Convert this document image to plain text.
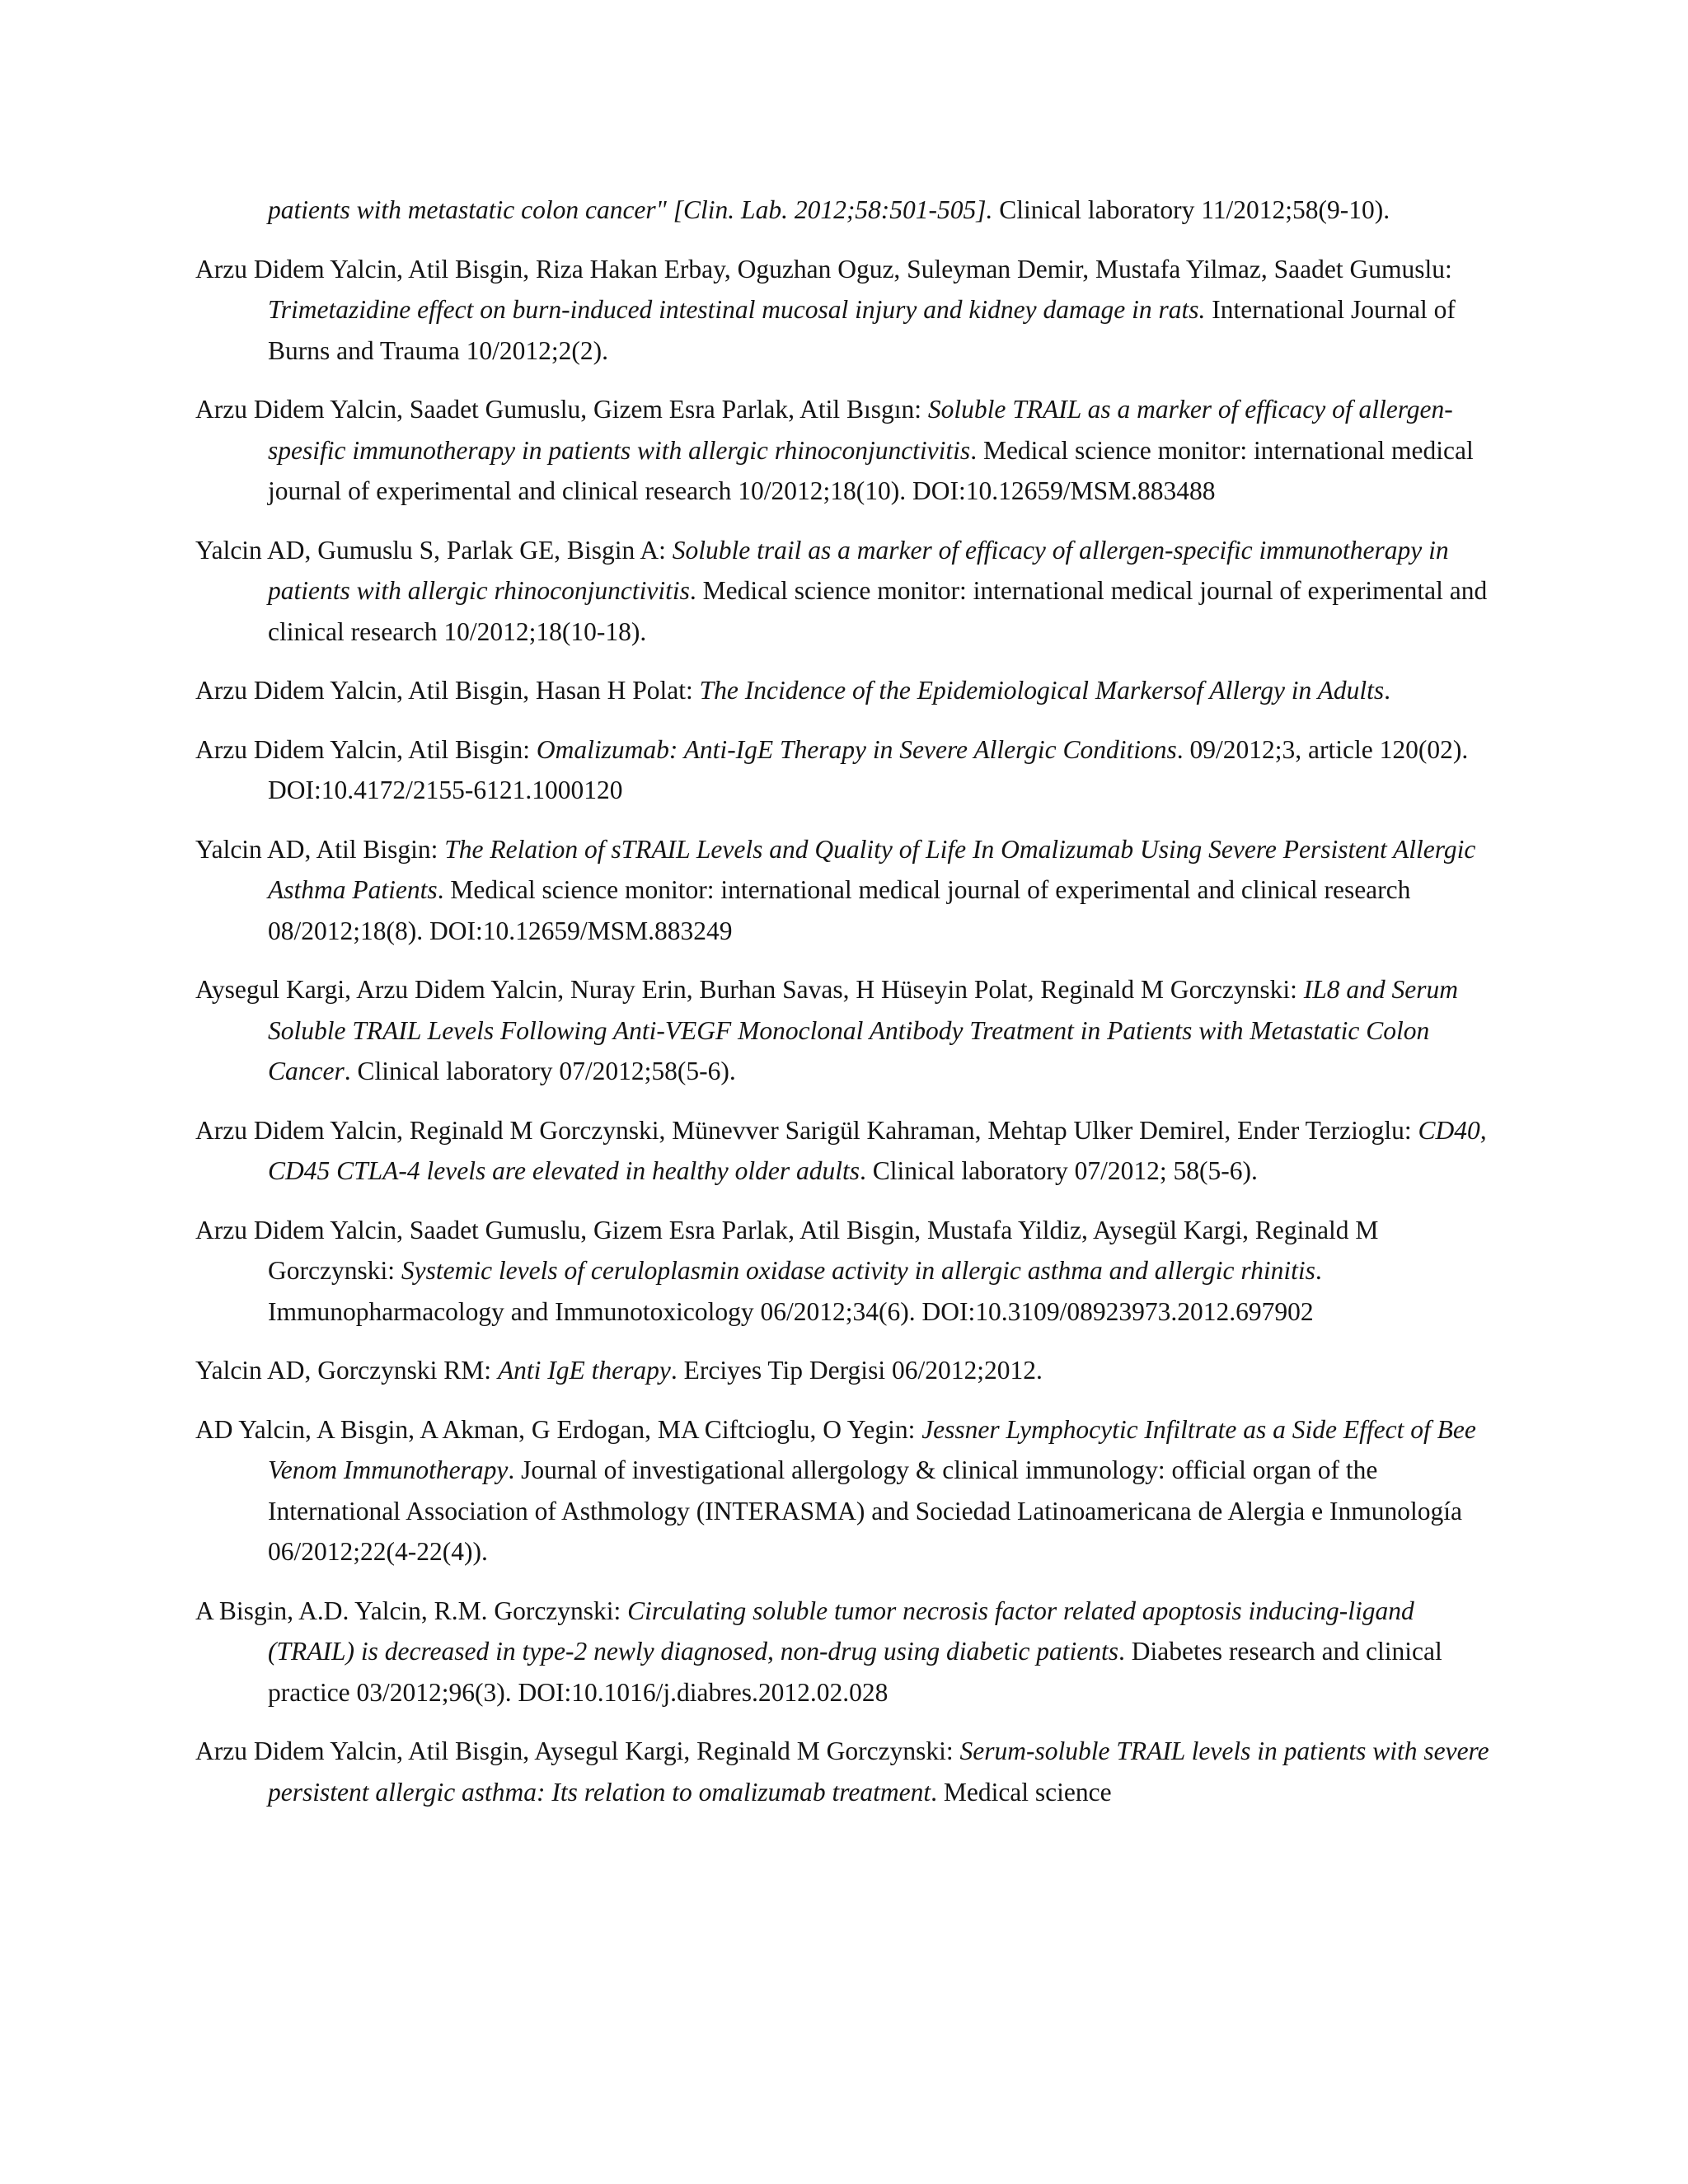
patients with metastatic colon cancer" [Clin. Lab. 2012;58:501-505]. Clinical laboratory 11/2012;58(9-10).

Arzu Didem Yalcin, Atil Bisgin, Riza Hakan Erbay, Oguzhan Oguz, Suleyman Demir, Mustafa Yilmaz, Saadet Gumuslu: Trimetazidine effect on burn-induced intestinal mucosal injury and kidney damage in rats. International Journal of Burns and Trauma 10/2012;2(2).

Arzu Didem Yalcin, Saadet Gumuslu, Gizem Esra Parlak, Atil Bısgın: Soluble TRAIL as a marker of efficacy of allergen-spesific immunotherapy in patients with allergic rhinoconjunctivitis. Medical science monitor: international medical journal of experimental and clinical research 10/2012;18(10). DOI:10.12659/MSM.883488

Yalcin AD, Gumuslu S, Parlak GE, Bisgin A: Soluble trail as a marker of efficacy of allergen-specific immunotherapy in patients with allergic rhinoconjunctivitis. Medical science monitor: international medical journal of experimental and clinical research 10/2012;18(10-18).

Arzu Didem Yalcin, Atil Bisgin, Hasan H Polat: The Incidence of the Epidemiological Markersof Allergy in Adults.

Arzu Didem Yalcin, Atil Bisgin: Omalizumab: Anti-IgE Therapy in Severe Allergic Conditions. 09/2012;3, article 120(02). DOI:10.4172/2155-6121.1000120

Yalcin AD, Atil Bisgin: The Relation of sTRAIL Levels and Quality of Life In Omalizumab Using Severe Persistent Allergic Asthma Patients. Medical science monitor: international medical journal of experimental and clinical research 08/2012;18(8). DOI:10.12659/MSM.883249

Aysegul Kargi, Arzu Didem Yalcin, Nuray Erin, Burhan Savas, H Hüseyin Polat, Reginald M Gorczynski: IL8 and Serum Soluble TRAIL Levels Following Anti-VEGF Monoclonal Antibody Treatment in Patients with Metastatic Colon Cancer. Clinical laboratory 07/2012;58(5-6).

Arzu Didem Yalcin, Reginald M Gorczynski, Münevver Sarigül Kahraman, Mehtap Ulker Demirel, Ender Terzioglu: CD40, CD45 CTLA-4 levels are elevated in healthy older adults. Clinical laboratory 07/2012; 58(5-6).

Arzu Didem Yalcin, Saadet Gumuslu, Gizem Esra Parlak, Atil Bisgin, Mustafa Yildiz, Aysegül Kargi, Reginald M Gorczynski: Systemic levels of ceruloplasmin oxidase activity in allergic asthma and allergic rhinitis. Immunopharmacology and Immunotoxicology 06/2012;34(6). DOI:10.3109/08923973.2012.697902

Yalcin AD, Gorczynski RM: Anti IgE therapy. Erciyes Tip Dergisi 06/2012;2012.

AD Yalcin, A Bisgin, A Akman, G Erdogan, MA Ciftcioglu, O Yegin: Jessner Lymphocytic Infiltrate as a Side Effect of Bee Venom Immunotherapy. Journal of investigational allergology & clinical immunology: official organ of the International Association of Asthmology (INTERASMA) and Sociedad Latinoamericana de Alergia e Inmunología 06/2012;22(4-22(4)).

A Bisgin, A.D. Yalcin, R.M. Gorczynski: Circulating soluble tumor necrosis factor related apoptosis inducing-ligand (TRAIL) is decreased in type-2 newly diagnosed, non-drug using diabetic patients. Diabetes research and clinical practice 03/2012;96(3). DOI:10.1016/j.diabres.2012.02.028

Arzu Didem Yalcin, Atil Bisgin, Aysegul Kargi, Reginald M Gorczynski: Serum-soluble TRAIL levels in patients with severe persistent allergic asthma: Its relation to omalizumab treatment. Medical science
